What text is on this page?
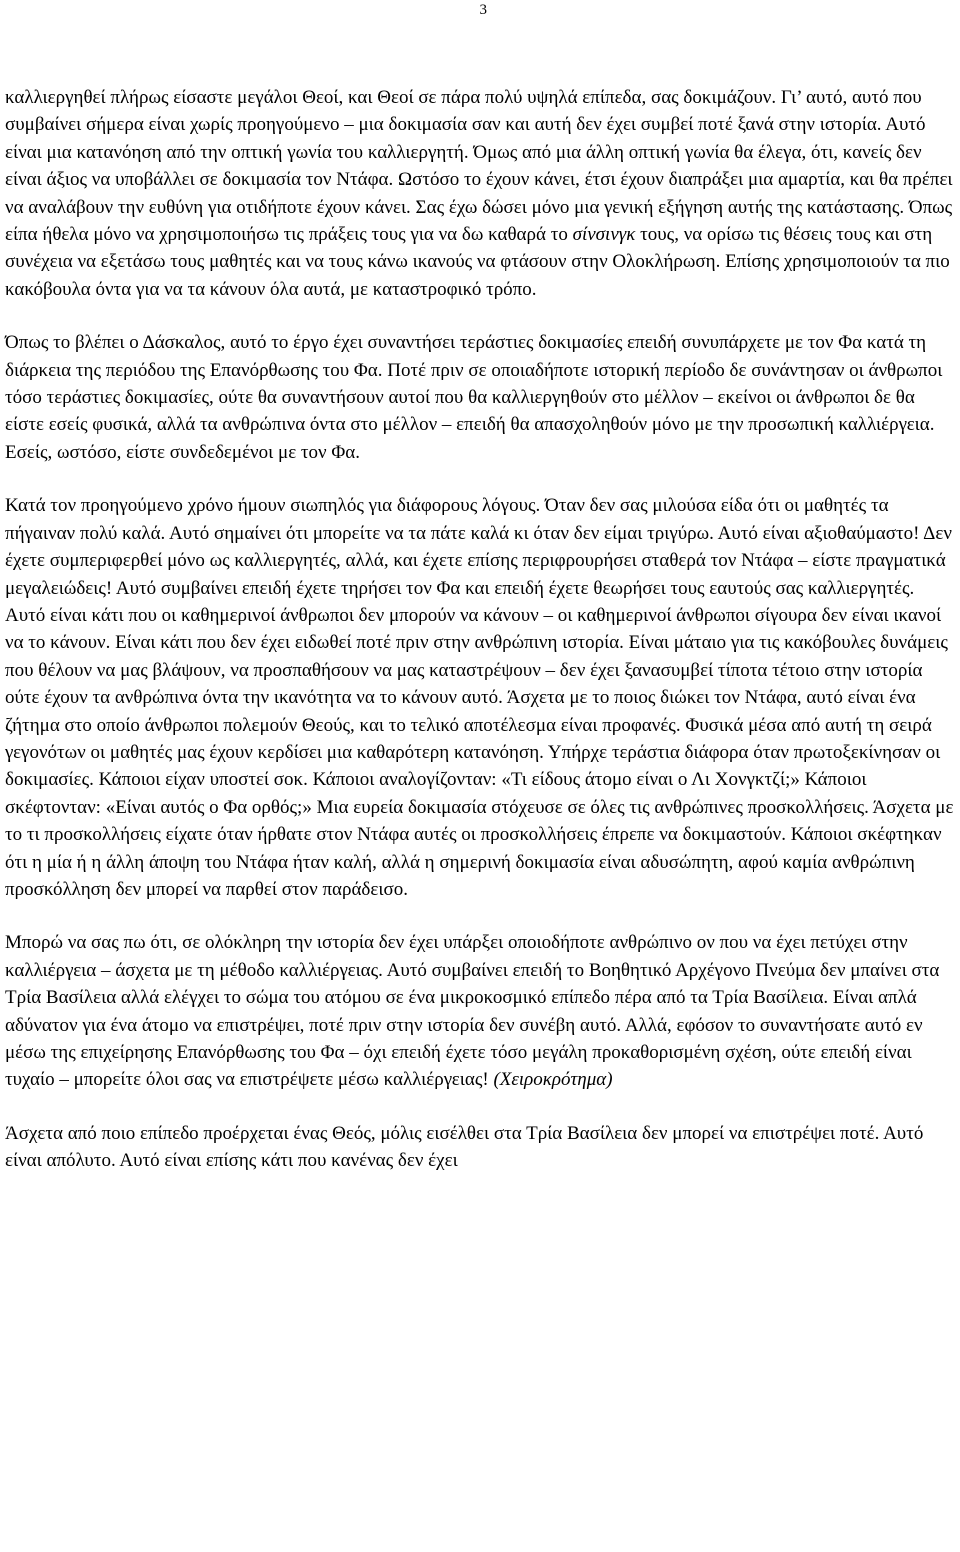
3

καλλιεργηθεί πλήρως είσαστε μεγάλοι Θεοί, και Θεοί σε πάρα πολύ υψηλά επίπεδα, σας δοκιμάζουν. Γι’ αυτό, αυτό που συμβαίνει σήμερα είναι χωρίς προηγούμενο – μια δοκιμασία σαν και αυτή δεν έχει συμβεί ποτέ ξανά στην ιστορία. Αυτό είναι μια κατανόηση από την οπτική γωνία του καλλιεργητή. Όμως από μια άλλη οπτική γωνία θα έλεγα, ότι, κανείς δεν είναι άξιος να υποβάλλει σε δοκιμασία τον Ντάφα. Ωστόσο το έχουν κάνει, έτσι έχουν διαπράξει μια αμαρτία, και θα πρέπει να αναλάβουν την ευθύνη για οτιδήποτε έχουν κάνει. Σας έχω δώσει μόνο μια γενική εξήγηση αυτής της κατάστασης. Όπως είπα ήθελα μόνο να χρησιμοποιήσω τις πράξεις τους για να δω καθαρά το σίνσινγκ τους, να ορίσω τις θέσεις τους και στη συνέχεια να εξετάσω τους μαθητές και να τους κάνω ικανούς να φτάσουν στην Ολοκλήρωση. Επίσης χρησιμοποιούν τα πιο κακόβουλα όντα για να τα κάνουν όλα αυτά, με καταστροφικό τρόπο.

Όπως το βλέπει ο Δάσκαλος, αυτό το έργο έχει συναντήσει τεράστιες δοκιμασίες επειδή συνυπάρχετε με τον Φα κατά τη διάρκεια της περιόδου της Επανόρθωσης του Φα. Ποτέ πριν σε οποιαδήποτε ιστορική περίοδο δε συνάντησαν οι άνθρωποι τόσο τεράστιες δοκιμασίες, ούτε θα συναντήσουν αυτοί που θα καλλιεργηθούν στο μέλλον – εκείνοι οι άνθρωποι δε θα είστε εσείς φυσικά, αλλά τα ανθρώπινα όντα στο μέλλον – επειδή θα απασχοληθούν μόνο με την προσωπική καλλιέργεια. Εσείς, ωστόσο, είστε συνδεδεμένοι με τον Φα.

Κατά τον προηγούμενο χρόνο ήμουν σιωπηλός για διάφορους λόγους. Όταν δεν σας μιλούσα είδα ότι οι μαθητές τα πήγαιναν πολύ καλά. Αυτό σημαίνει ότι μπορείτε να τα πάτε καλά κι όταν δεν είμαι τριγύρω. Αυτό είναι αξιοθαύμαστο! Δεν έχετε συμπεριφερθεί μόνο ως καλλιεργητές, αλλά, και έχετε επίσης περιφρουρήσει σταθερά τον Ντάφα – είστε πραγματικά μεγαλειώδεις! Αυτό συμβαίνει επειδή έχετε τηρήσει τον Φα και επειδή έχετε θεωρήσει τους εαυτούς σας καλλιεργητές. Αυτό είναι κάτι που οι καθημερινοί άνθρωποι δεν μπορούν να κάνουν – οι καθημερινοί άνθρωποι σίγουρα δεν είναι ικανοί να το κάνουν. Είναι κάτι που δεν έχει ειδωθεί ποτέ πριν στην ανθρώπινη ιστορία. Είναι μάταιο για τις κακόβουλες δυνάμεις που θέλουν να μας βλάψουν, να προσπαθήσουν να μας καταστρέψουν – δεν έχει ξανασυμβεί τίποτα τέτοιο στην ιστορία ούτε έχουν τα ανθρώπινα όντα την ικανότητα να το κάνουν αυτό. Άσχετα με το ποιος διώκει τον Ντάφα, αυτό είναι ένα ζήτημα στο οποίο άνθρωποι πολεμούν Θεούς, και το τελικό αποτέλεσμα είναι προφανές. Φυσικά μέσα από αυτή τη σειρά γεγονότων οι μαθητές μας έχουν κερδίσει μια καθαρότερη κατανόηση. Υπήρχε τεράστια διάφορα όταν πρωτοξεκίνησαν οι δοκιμασίες. Κάποιοι είχαν υποστεί σοκ. Κάποιοι αναλογίζονταν: «Τι είδους άτομο είναι ο Λι Χονγκτζί;» Κάποιοι σκέφτονταν: «Είναι αυτός ο Φα ορθός;» Μια ευρεία δοκιμασία στόχευσε σε όλες τις ανθρώπινες προσκολλήσεις. Άσχετα με το τι προσκολλήσεις είχατε όταν ήρθατε στον Ντάφα αυτές οι προσκολλήσεις έπρεπε να δοκιμαστούν. Κάποιοι σκέφτηκαν ότι η μία ή η άλλη άποψη του Ντάφα ήταν καλή, αλλά η σημερινή δοκιμασία είναι αδυσώπητη, αφού καμία ανθρώπινη προσκόλληση δεν μπορεί να παρθεί στον παράδεισο.

Μπορώ να σας πω ότι, σε ολόκληρη την ιστορία δεν έχει υπάρξει οποιοδήποτε ανθρώπινο ον που να έχει πετύχει στην καλλιέργεια – άσχετα με τη μέθοδο καλλιέργειας. Αυτό συμβαίνει επειδή το Βοηθητικό Αρχέγονο Πνεύμα δεν μπαίνει στα Τρία Βασίλεια αλλά ελέγχει το σώμα του ατόμου σε ένα μικροκοσμικό επίπεδο πέρα από τα Τρία Βασίλεια. Είναι απλά αδύνατον για ένα άτομο να επιστρέψει, ποτέ πριν στην ιστορία δεν συνέβη αυτό. Αλλά, εφόσον το συναντήσατε αυτό εν μέσω της επιχείρησης Επανόρθωσης του Φα – όχι επειδή έχετε τόσο μεγάλη προκαθορισμένη σχέση, ούτε επειδή είναι τυχαίο – μπορείτε όλοι σας να επιστρέψετε μέσω καλλιέργειας! (Χειροκρότημα)

Άσχετα από ποιο επίπεδο προέρχεται ένας Θεός, μόλις εισέλθει στα Τρία Βασίλεια δεν μπορεί να επιστρέψει ποτέ. Αυτό είναι απόλυτο. Αυτό είναι επίσης κάτι που κανένας δεν έχει
